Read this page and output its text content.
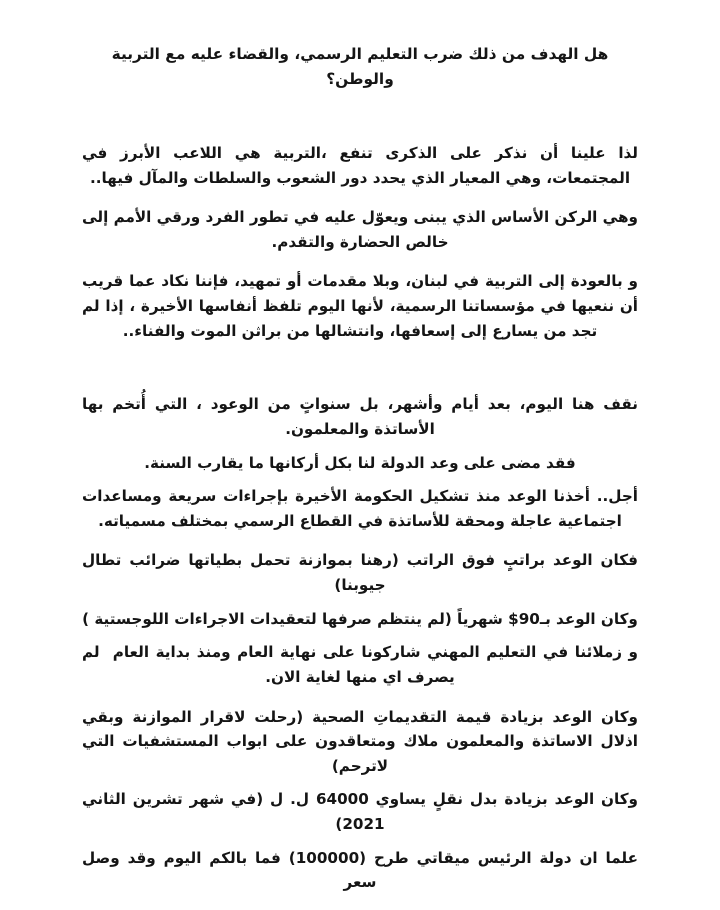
هل الهدف من ذلك ضرب التعليم الرسمي، والقضاء عليه مع التربية والوطن؟

لذا علينا أن نذكر على الذكرى تنفع ،التربية هي اللاعب الأبرز في المجتمعات، وهي المعيار الذي يحدد دور الشعوب والسلطات والمآل فيها..

وهي الركن الأساس الذي يبنى ويعوّل عليه في تطور الفرد ورقي الأمم إلى خالص الحضارة والتقدم.

و بالعودة إلى التربية في لبنان، وبلا مقدمات أو تمهيد، فإننا نكاد عما قريب أن ننعيها في مؤسساتنا الرسمية، لأنها اليوم تلفظ أنفاسها الأخيرة ، إذا لم تجد من يسارع إلى إسعافها، وانتشالها من براثن الموت والفناء..

نقف هنا اليوم، بعد أيام وأشهر، بل سنواتٍ من الوعود ، التي أُتخم بها الأساتذة والمعلمون.

فقد مضى على وعد الدولة لنا بكل أركانها ما يقارب السنة.

أجل.. أخذنا الوعد منذ تشكيل الحكومة الأخيرة بإجراءات سريعة ومساعدات اجتماعية عاجلة ومحقة للأساتذة في القطاع الرسمي بمختلف مسمياته.

فكان الوعد براتبٍ فوق الراتب (رهنا بموازنة تحمل بطياتها ضرائب تطال جيوبنا)

وكان الوعد بـ90$ شهرياً (لم ينتظم صرفها لتعقيدات الاجراءات اللوجستية )

و زملائنا في التعليم المهني شاركونا على نهاية العام ومنذ بداية العام  لم يصرف اي منها لغاية الان.

وكان الوعد بزيادة قيمة التقديماتِ الصحية (رحلت لاقرار الموازنة وبقي اذلال الاساتذة والمعلمون ملاك ومتعاقدون على ابواب المستشفيات التي لاترحم)

وكان الوعد بزيادة بدل نقلٍ يساوي 64000 ل. ل (في شهر تشرين الثاني 2021)

علما ان دولة الرئيس ميقاتي طرح (100000) فما بالكم اليوم وقد وصل سعر
